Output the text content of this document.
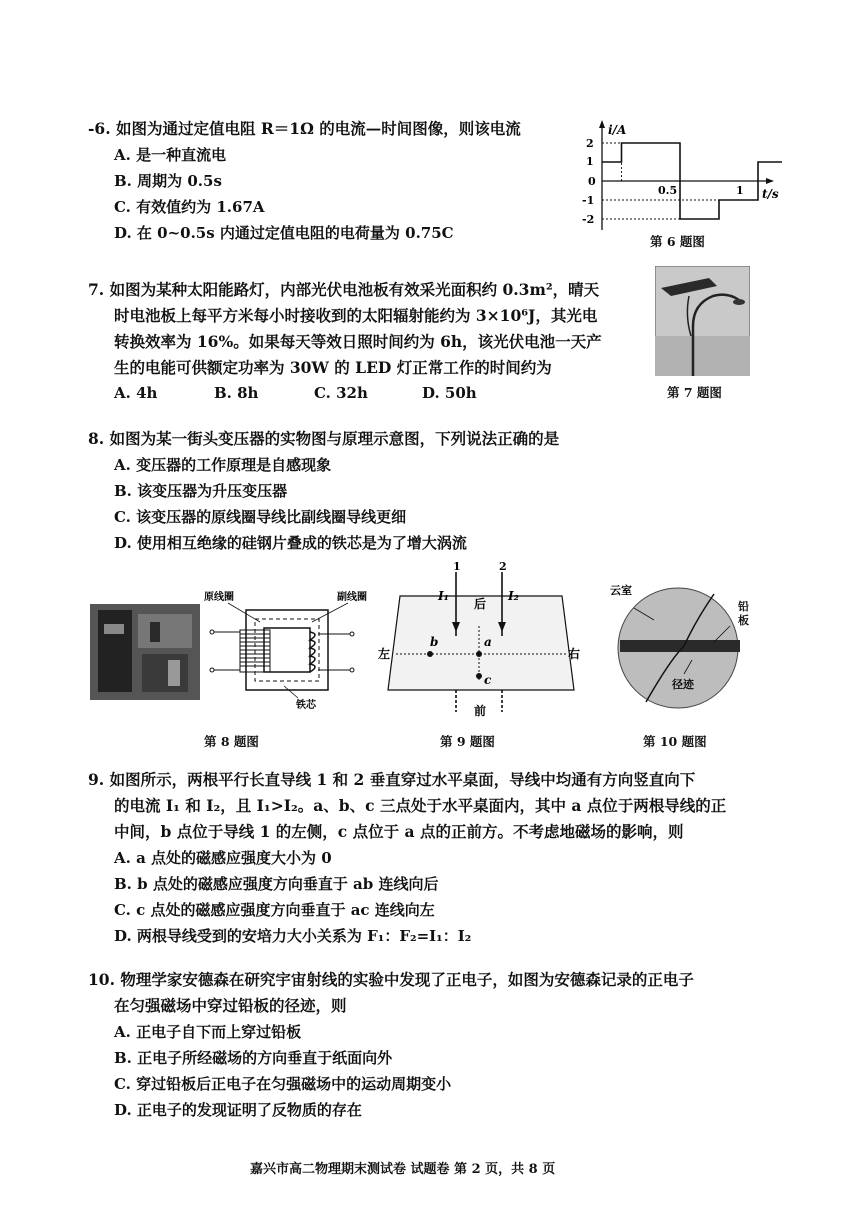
-6. 如图为通过定值电阻 R＝1Ω 的电流—时间图像，则该电流
A. 是一种直流电
B. 周期为 0.5s
C. 有效值约为 1.67A
D. 在 0~0.5s 内通过定值电阻的电荷量为 0.75C
i/A
t/s
2
1
0
-1
-2
0.5	1
第 6 题图
7. 如图为某种太阳能路灯，内部光伏电池板有效采光面积约 0.3m²，晴天
时电池板上每平方米每小时接收到的太阳辐射能约为 3×10⁶J，其光电
转换效率为 16%。如果每天等效日照时间约为 6h，该光伏电池一天产
生的电能可供额定功率为 30W 的 LED 灯正常工作的时间约为
A. 4h	B. 8h	C. 32h	D. 50h	第 7 题图
8. 如图为某一街头变压器的实物图与原理示意图，下列说法正确的是
A. 变压器的工作原理是自感现象
B. 该变压器为升压变压器
C. 该变压器的原线圈导线比副线圈导线更细
D. 使用相互绝缘的硅钢片叠成的铁芯是为了增大涡流
原线圈	副线圈
铁芯
第 8 题图
1	2
I₁	I₂
后
前
左	右
b	a
c
第 9 题图
云室
径迹
铅板
第 10 题图
9. 如图所示，两根平行长直导线 1 和 2 垂直穿过水平桌面，导线中均通有方向竖直向下
的电流 I₁ 和 I₂，且 I₁>I₂。a、b、c 三点处于水平桌面内，其中 a 点位于两根导线的正
中间，b 点位于导线 1 的左侧，c 点位于 a 点的正前方。不考虑地磁场的影响，则
A. a 点处的磁感应强度大小为 0
B. b 点处的磁感应强度方向垂直于 ab 连线向后
C. c 点处的磁感应强度方向垂直于 ac 连线向左
D. 两根导线受到的安培力大小关系为 F₁：F₂=I₁：I₂
10. 物理学家安德森在研究宇宙射线的实验中发现了正电子，如图为安德森记录的正电子
在匀强磁场中穿过铅板的径迹，则
A. 正电子自下而上穿过铅板
B. 正电子所经磁场的方向垂直于纸面向外
C. 穿过铅板后正电子在匀强磁场中的运动周期变小
D. 正电子的发现证明了反物质的存在
嘉兴市高二物理期末测试卷 试题卷 第 2 页，共 8 页
